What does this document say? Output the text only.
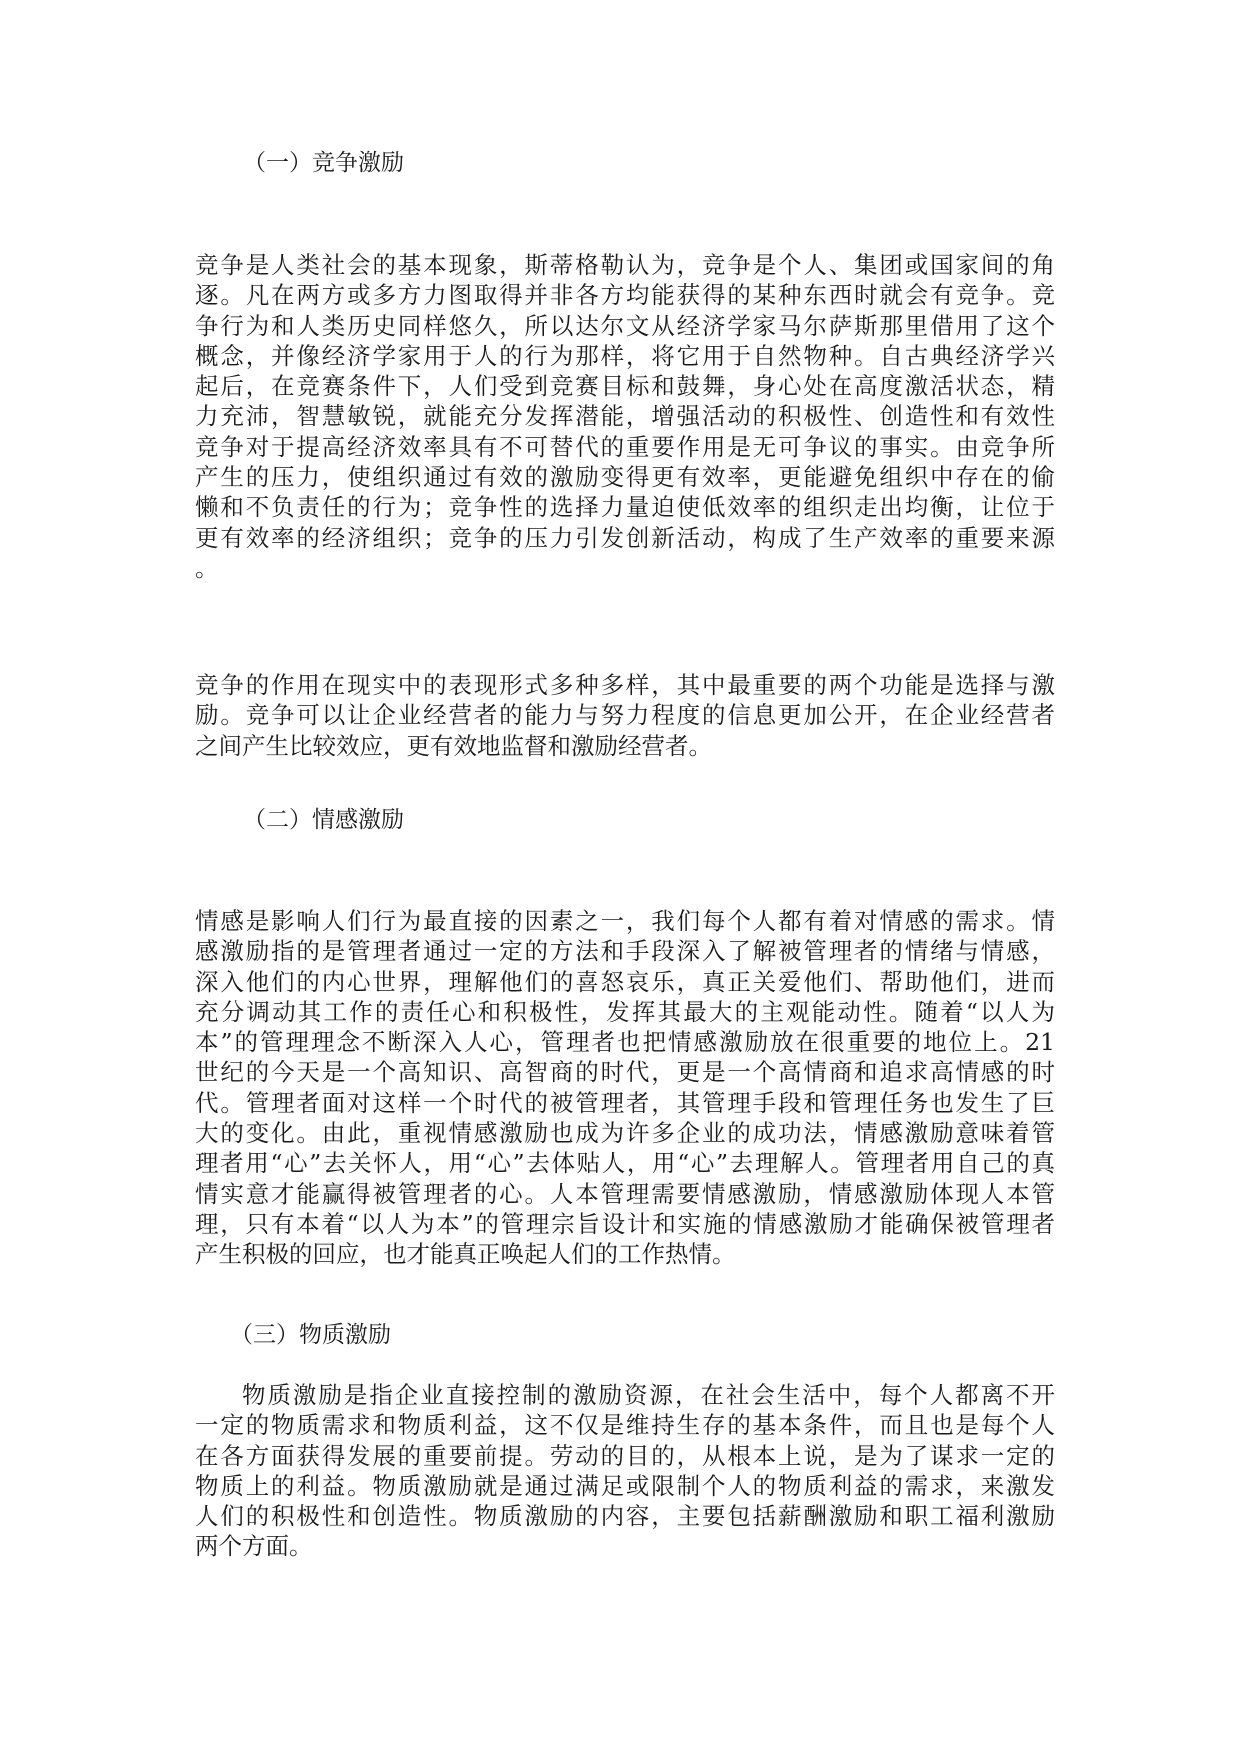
（一）竞争激励
竞争是人类社会的基本现象，斯蒂格勒认为，竞争是个人、集团或国家间的角
逐。凡在两方或多方力图取得并非各方均能获得的某种东西时就会有竞争。竞
争行为和人类历史同样悠久，所以达尔文从经济学家马尔萨斯那里借用了这个
概念，并像经济学家用于人的行为那样，将它用于自然物种。自古典经济学兴
起后，在竞赛条件下，人们受到竞赛目标和鼓舞，身心处在高度激活状态，精
力充沛，智慧敏锐，就能充分发挥潜能，增强活动的积极性、创造性和有效性
竞争对于提高经济效率具有不可替代的重要作用是无可争议的事实。由竞争所
产生的压力，使组织通过有效的激励变得更有效率，更能避免组织中存在的偷
懒和不负责任的行为；竞争性的选择力量迫使低效率的组织走出均衡，让位于
更有效率的经济组织；竞争的压力引发创新活动，构成了生产效率的重要来源
。
竞争的作用在现实中的表现形式多种多样，其中最重要的两个功能是选择与激
励。竞争可以让企业经营者的能力与努力程度的信息更加公开，在企业经营者
之间产生比较效应，更有效地监督和激励经营者。
（二）情感激励
情感是影响人们行为最直接的因素之一，我们每个人都有着对情感的需求。情
感激励指的是管理者通过一定的方法和手段深入了解被管理者的情绪与情感，
深入他们的内心世界，理解他们的喜怒哀乐，真正关爱他们、帮助他们，进而
充分调动其工作的责任心和积极性，发挥其最大的主观能动性。随着“以人为
本”的管理理念不断深入人心，管理者也把情感激励放在很重要的地位上。21
世纪的今天是一个高知识、高智商的时代，更是一个高情商和追求高情感的时
代。管理者面对这样一个时代的被管理者，其管理手段和管理任务也发生了巨
大的变化。由此，重视情感激励也成为许多企业的成功法，情感激励意味着管
理者用“心”去关怀人，用“心”去体贴人，用“心”去理解人。管理者用自己的真
情实意才能赢得被管理者的心。人本管理需要情感激励，情感激励体现人本管
理，只有本着“以人为本”的管理宗旨设计和实施的情感激励才能确保被管理者
产生积极的回应，也才能真正唤起人们的工作热情。
（三）物质激励
物质激励是指企业直接控制的激励资源，在社会生活中，每个人都离不开
一定的物质需求和物质利益，这不仅是维持生存的基本条件，而且也是每个人
在各方面获得发展的重要前提。劳动的目的，从根本上说，是为了谋求一定的
物质上的利益。物质激励就是通过满足或限制个人的物质利益的需求，来激发
人们的积极性和创造性。物质激励的内容，主要包括薪酬激励和职工福利激励
两个方面。
